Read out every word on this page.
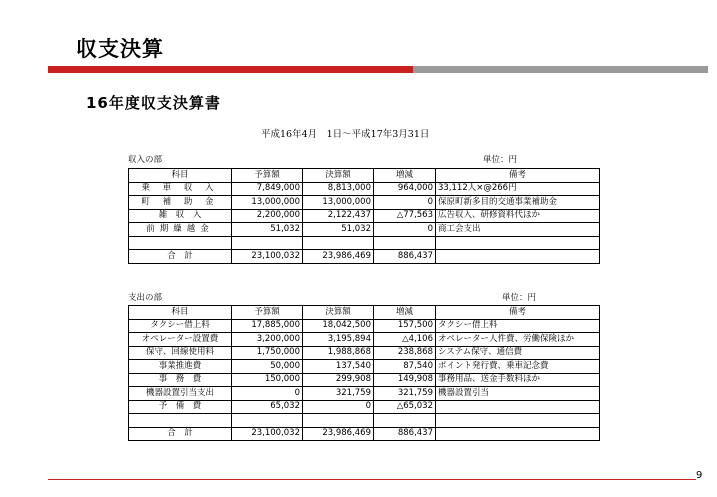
収支決算
16年度収支決算書
平成16年4月　1日〜平成17年3月31日
収入の部	単位：円
科目	予算額	決算額	増減	備考
乗 車 収 入	7,849,000	8,813,000	964,000	33,112人×@266円
町 補 助 金	13,000,000	13,000,000	0	保原町新多目的交通事業補助金
雑　収　入	2,200,000	2,122,437	△77,563	広告収入、研修資料代ほか
前期繰越金	51,032	51,032	0	商工会支出

合　計	23,100,032	23,986,469	886,437	
支出の部	単位：円
科目	予算額	決算額	増減	備考
タクシー借上料	17,885,000	18,042,500	157,500	タクシー借上料
オペレーター設置費	3,200,000	3,195,894	△4,106	オペレーター人件費、労働保険ほか
保守、回線使用料	1,750,000	1,988,868	238,868	システム保守、通信費
事業推進費	50,000	137,540	87,540	ポイント発行費、乗車記念費
事　務　費	150,000	299,908	149,908	事務用品、送金手数料ほか
機器設置引当支出	0	321,759	321,759	機器設置引当
予　備　費	65,032	0	△65,032	

合　計	23,100,032	23,986,469	886,437	
9
